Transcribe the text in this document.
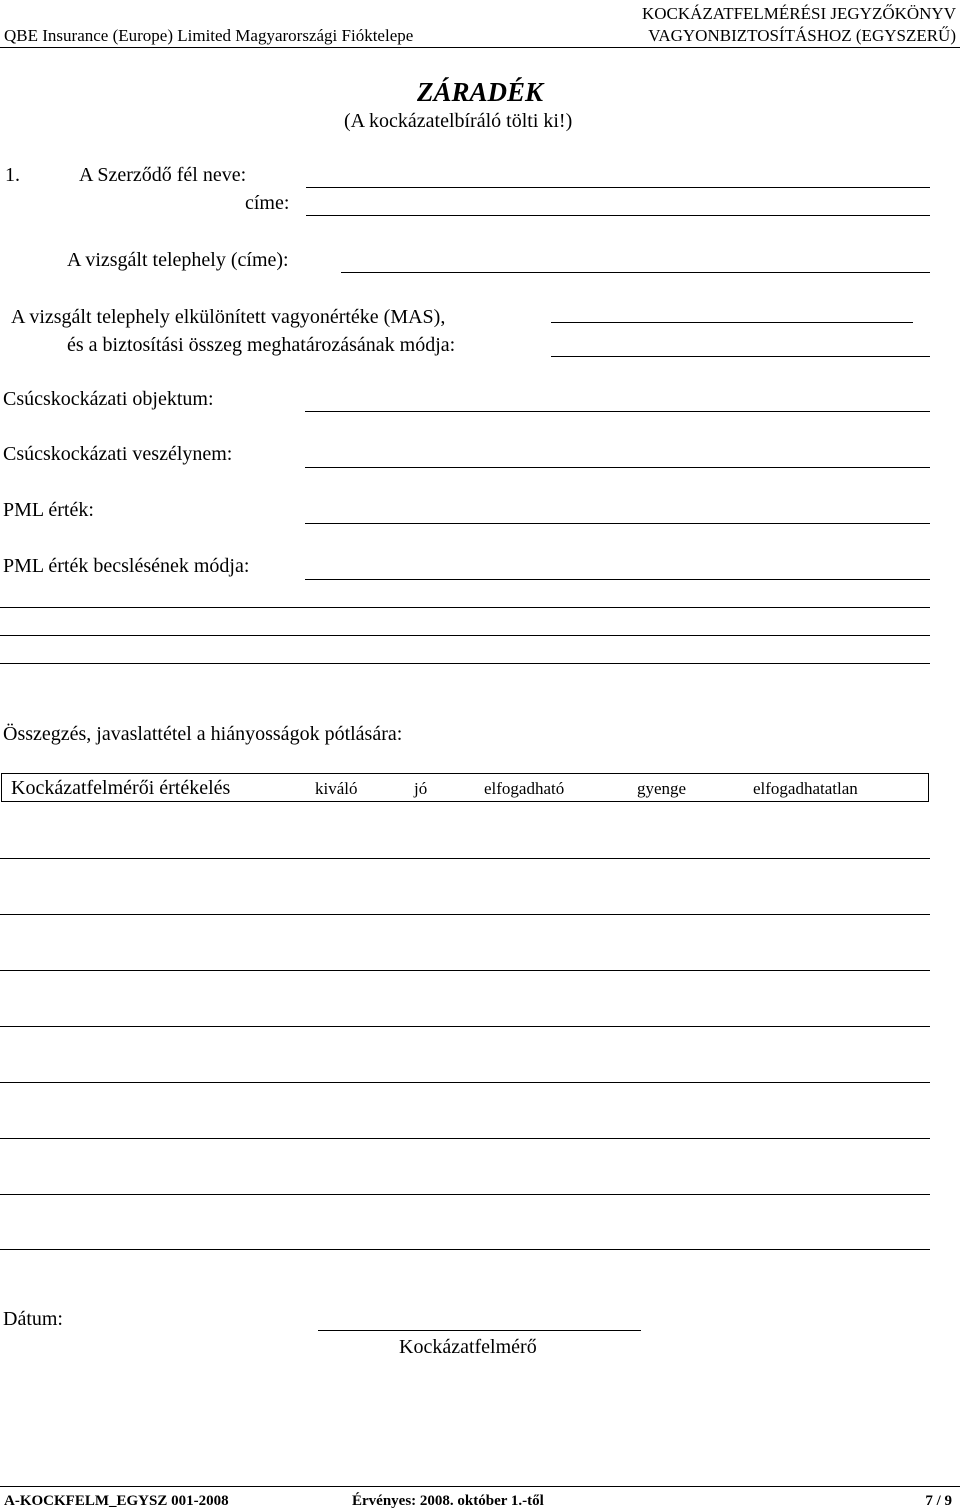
QBE Insurance (Europe) Limited Magyarországi Fióktelepe
KOCKÁZATFELMÉRÉSI JEGYZŐKÖNYV
VAGYONBIZTOSÍTÁSHOZ (EGYSZERŰ)
ZÁRADÉK
(A kockázatelbíráló tölti ki!)
1.	A Szerződő fél neve:
címe:
A vizsgált telephely (címe):
A vizsgált telephely elkülönített vagyonértéke (MAS),
és a biztosítási összeg meghatározásának módja:
Csúcskockázati objektum:
Csúcskockázati veszélynem:
PML érték:
PML érték becslésének módja:
Összegzés, javaslattétel a hiányosságok pótlására:
Kockázatfelmérői értékelés	kiváló	jó	elfogadható	gyenge	elfogadhatatlan
Dátum:
Kockázatfelmérő
A-KOCKFELM_EGYSZ 001-2008	Érvényes: 2008. október 1.-től	7 / 9
